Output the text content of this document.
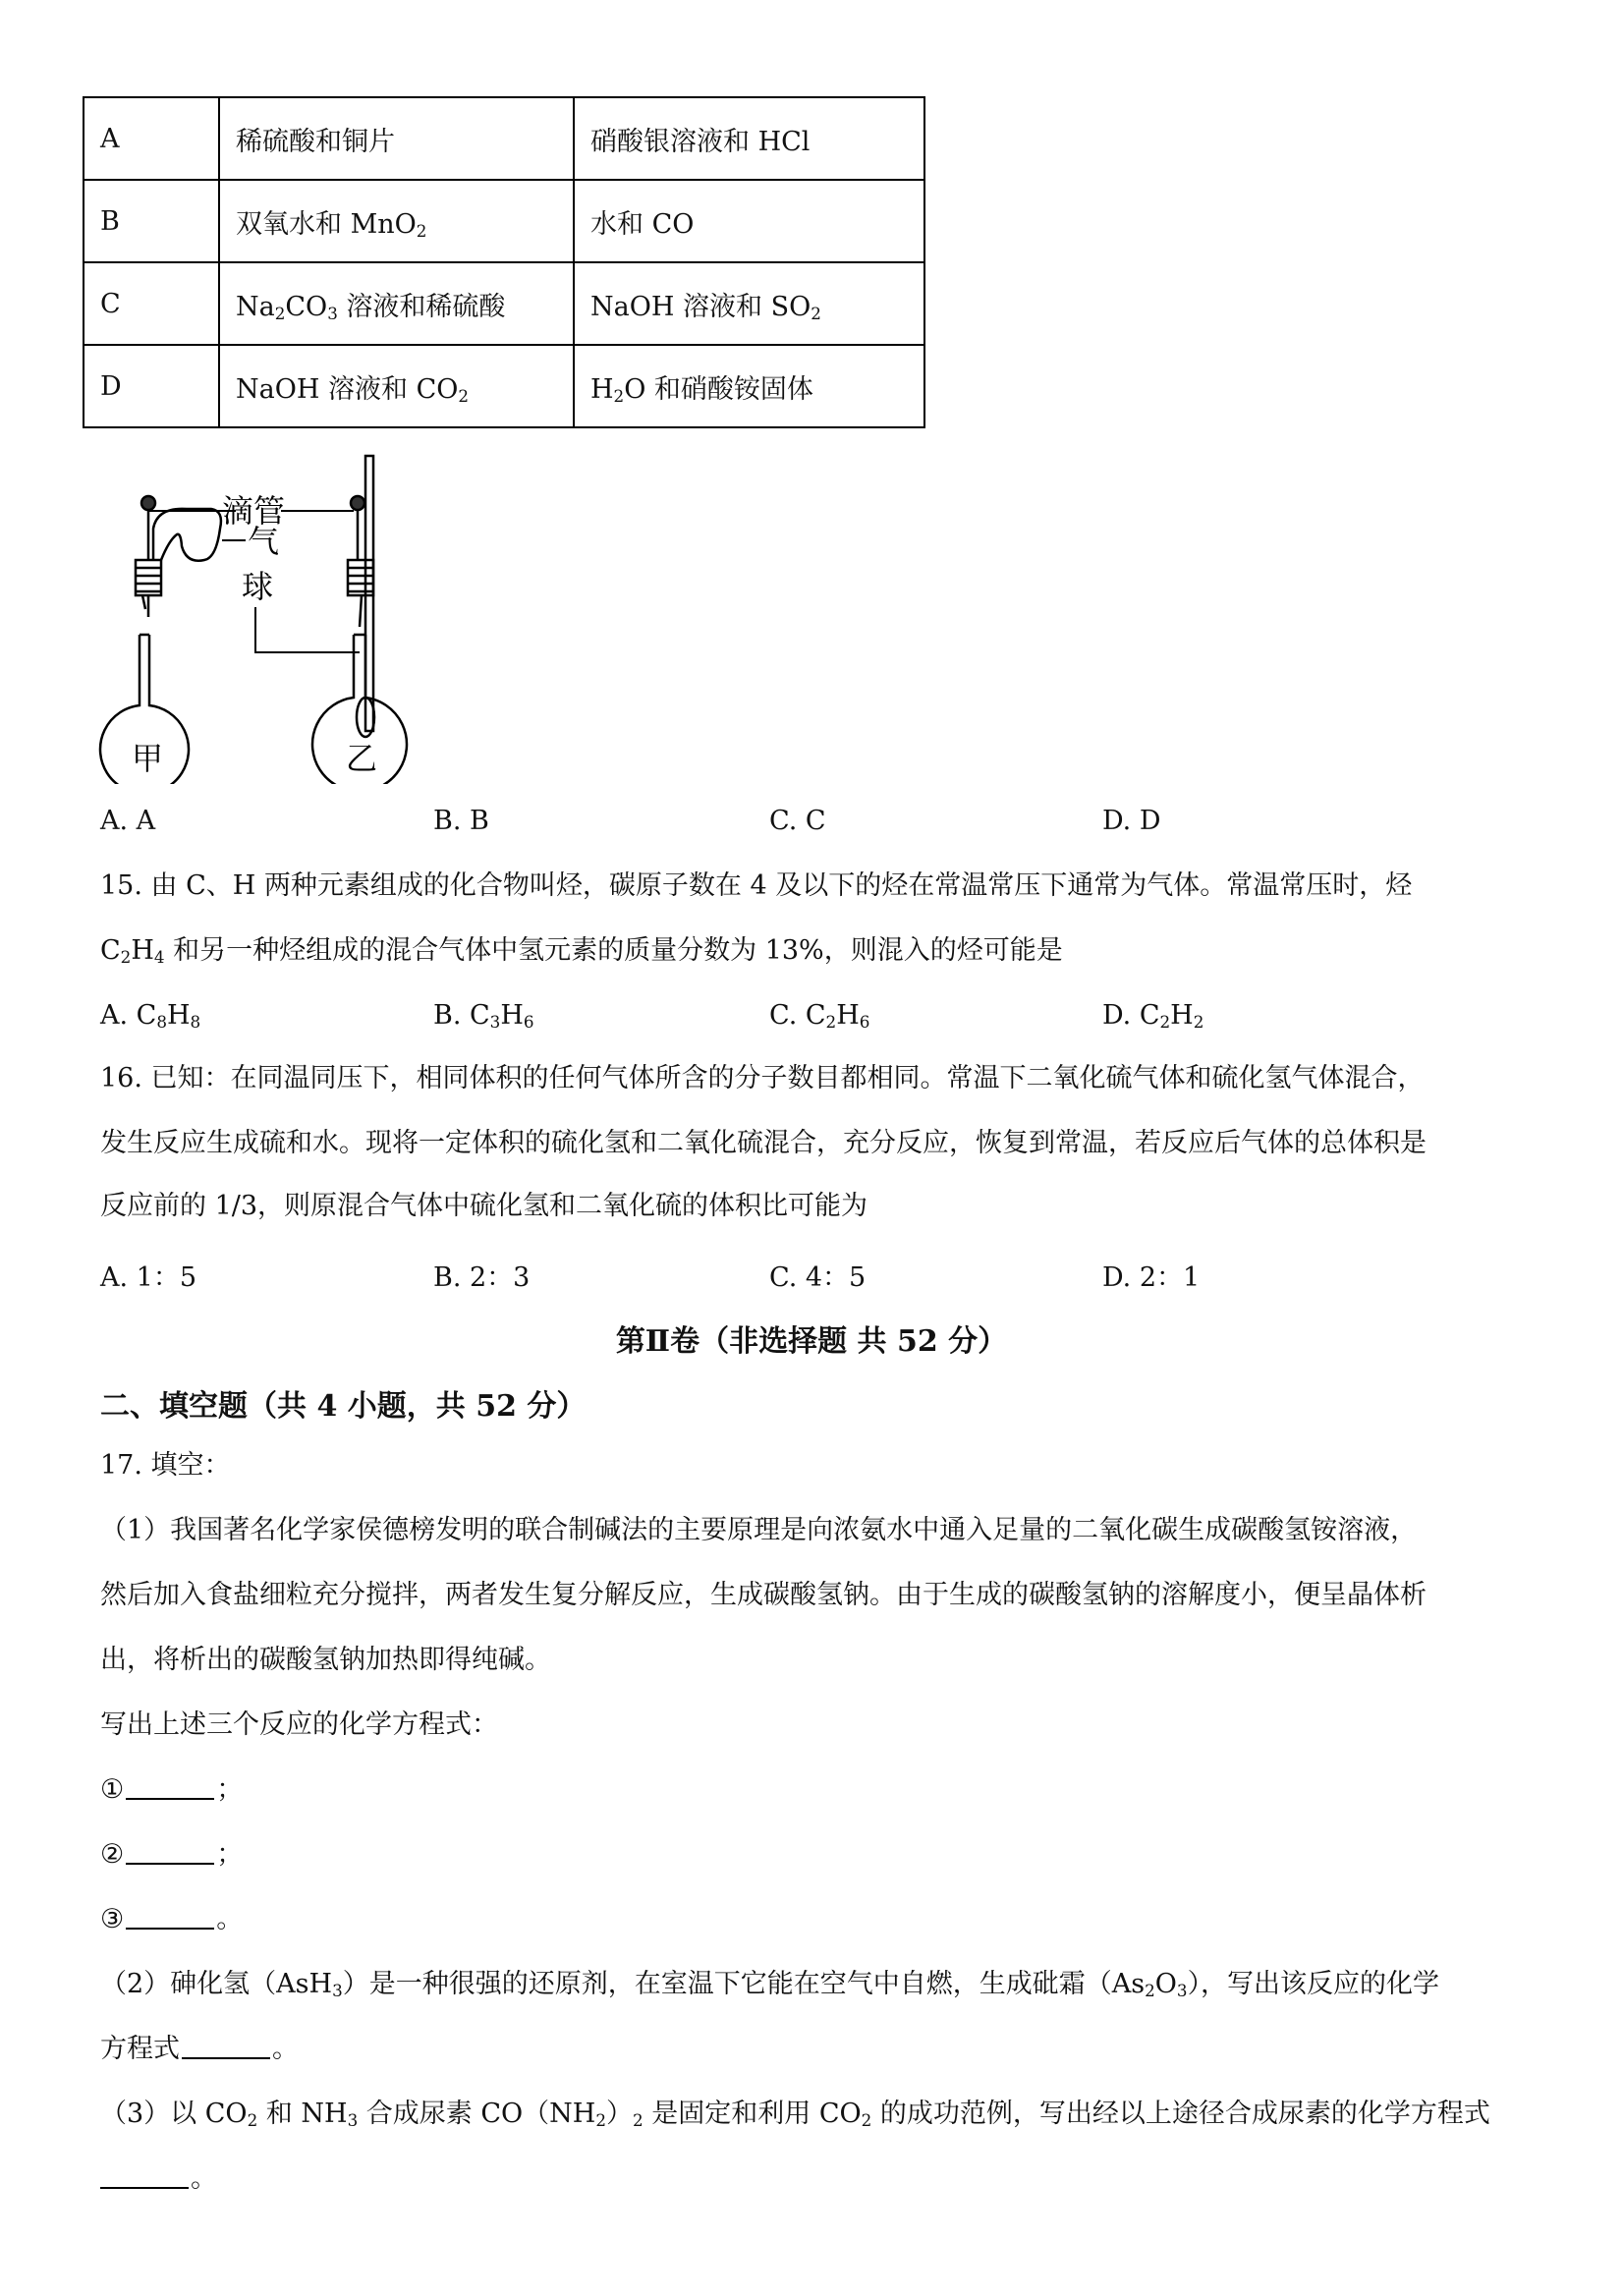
A	稀硫酸和铜片	硝酸银溶液和 HCl
B	双氧水和 MnO$_2$	水和 CO
C	$Na_2CO_3$ 溶液和稀硫酸	NaOH 溶液和 $SO_2$
D	NaOH 溶液和 $CO_2$	$H_2O$ 和硝酸铵固体
滴管
气
球
甲	乙
A. A	B. B	C. C	D. D
15. 由 C、H 两种元素组成的化合物叫烃，碳原子数在 4 及以下的烃在常温常压下通常为气体。常温常压时，烃
$C_2H_4$ 和另一种烃组成的混合气体中氢元素的质量分数为 13%，则混入的烃可能是
A. $C_8H_8$	B. $C_3H_6$	C. $C_2H_6$	D. $C_2H_2$
16. 已知：在同温同压下，相同体积的任何气体所含的分子数目都相同。常温下二氧化硫气体和硫化氢气体混合，
发生反应生成硫和水。现将一定体积的硫化氢和二氧化硫混合，充分反应，恢复到常温，若反应后气体的总体积是
反应前的 1/3，则原混合气体中硫化氢和二氧化硫的体积比可能为
A. 1：5	B. 2：3	C. 4：5	D. 2：1
第Ⅱ卷（非选择题 共 52 分）
二、填空题（共 4 小题，共 52 分）
17. 填空：
（1）我国著名化学家侯德榜发明的联合制碱法的主要原理是向浓氨水中通入足量的二氧化碳生成碳酸氢铵溶液，
然后加入食盐细粒充分搅拌，两者发生复分解反应，生成碳酸氢钠。由于生成的碳酸氢钠的溶解度小，便呈晶体析
出，将析出的碳酸氢钠加热即得纯碱。
写出上述三个反应的化学方程式：
①	；
②	；
③	。
（2）砷化氢（AsH$_3$）是一种很强的还原剂，在室温下它能在空气中自燃，生成砒霜$(As_2O_3)$，写出该反应的化学
方程式	。
（3）以 $CO_2$ 和 $NH_3$ 合成尿素 $CO(NH_2)_2$ 是固定和利用 $CO_2$ 的成功范例，写出经以上途径合成尿素的化学方程式
。
